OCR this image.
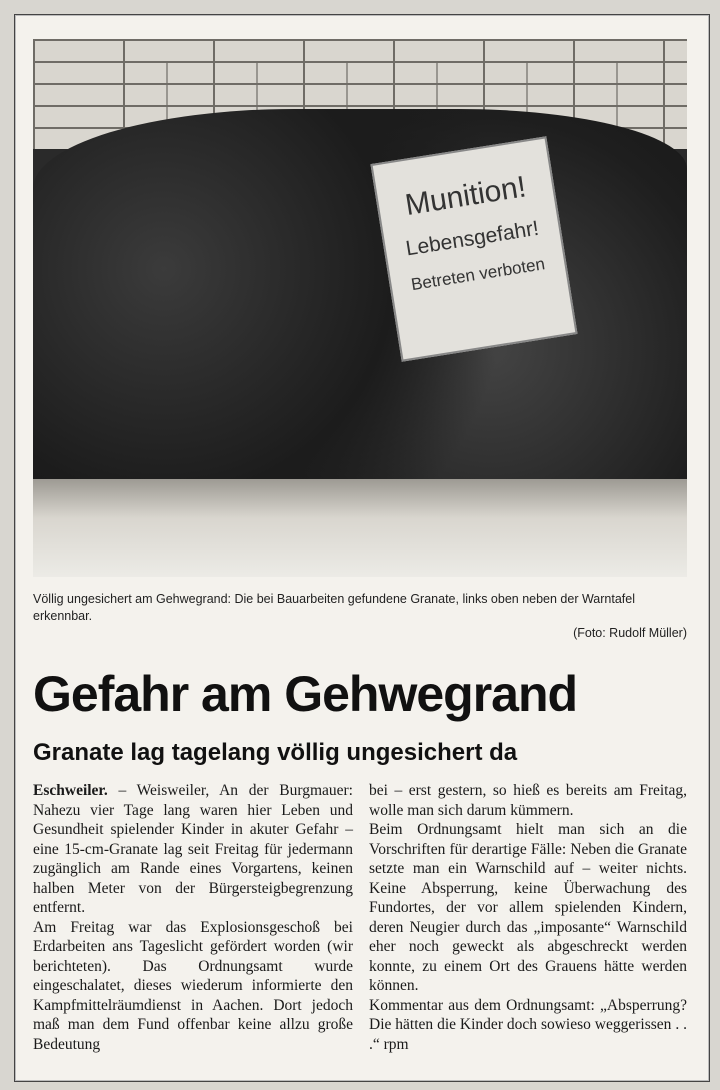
Munition!
Lebensgefahr!
Betreten verboten
Völlig ungesichert am Gehwegrand: Die bei Bauarbeiten gefundene Granate, links oben neben der Warntafel erkennbar.
(Foto: Rudolf Müller)
Gefahr am Gehwegrand
Granate lag tagelang völlig ungesichert da

Eschweiler. – Weisweiler, An der Burgmauer: Nahezu vier Tage lang waren hier Leben und Gesundheit spielender Kinder in akuter Gefahr – eine 15-cm-Granate lag seit Freitag für jedermann zugänglich am Rande eines Vorgartens, keinen halben Meter von der Bürgersteigbegrenzung entfernt.

Am Freitag war das Explosionsgeschoß bei Erdarbeiten ans Tageslicht gefördert worden (wir berichteten). Das Ordnungsamt wurde eingeschalatet, dieses wiederum informierte den Kampfmittelräumdienst in Aachen. Dort jedoch maß man dem Fund offenbar keine allzu große Bedeutung

bei – erst gestern, so hieß es bereits am Freitag, wolle man sich darum kümmern.

Beim Ordnungsamt hielt man sich an die Vorschriften für derartige Fälle: Neben die Granate setzte man ein Warnschild auf – weiter nichts. Keine Absperrung, keine Überwachung des Fundortes, der vor allem spielenden Kindern, deren Neugier durch das „imposante“ Warnschild eher noch geweckt als abgeschreckt werden konnte, zu einem Ort des Grauens hätte werden können.

Kommentar aus dem Ordnungsamt: „Absperrung? Die hätten die Kinder doch sowieso weggerissen . . .“ rpm
